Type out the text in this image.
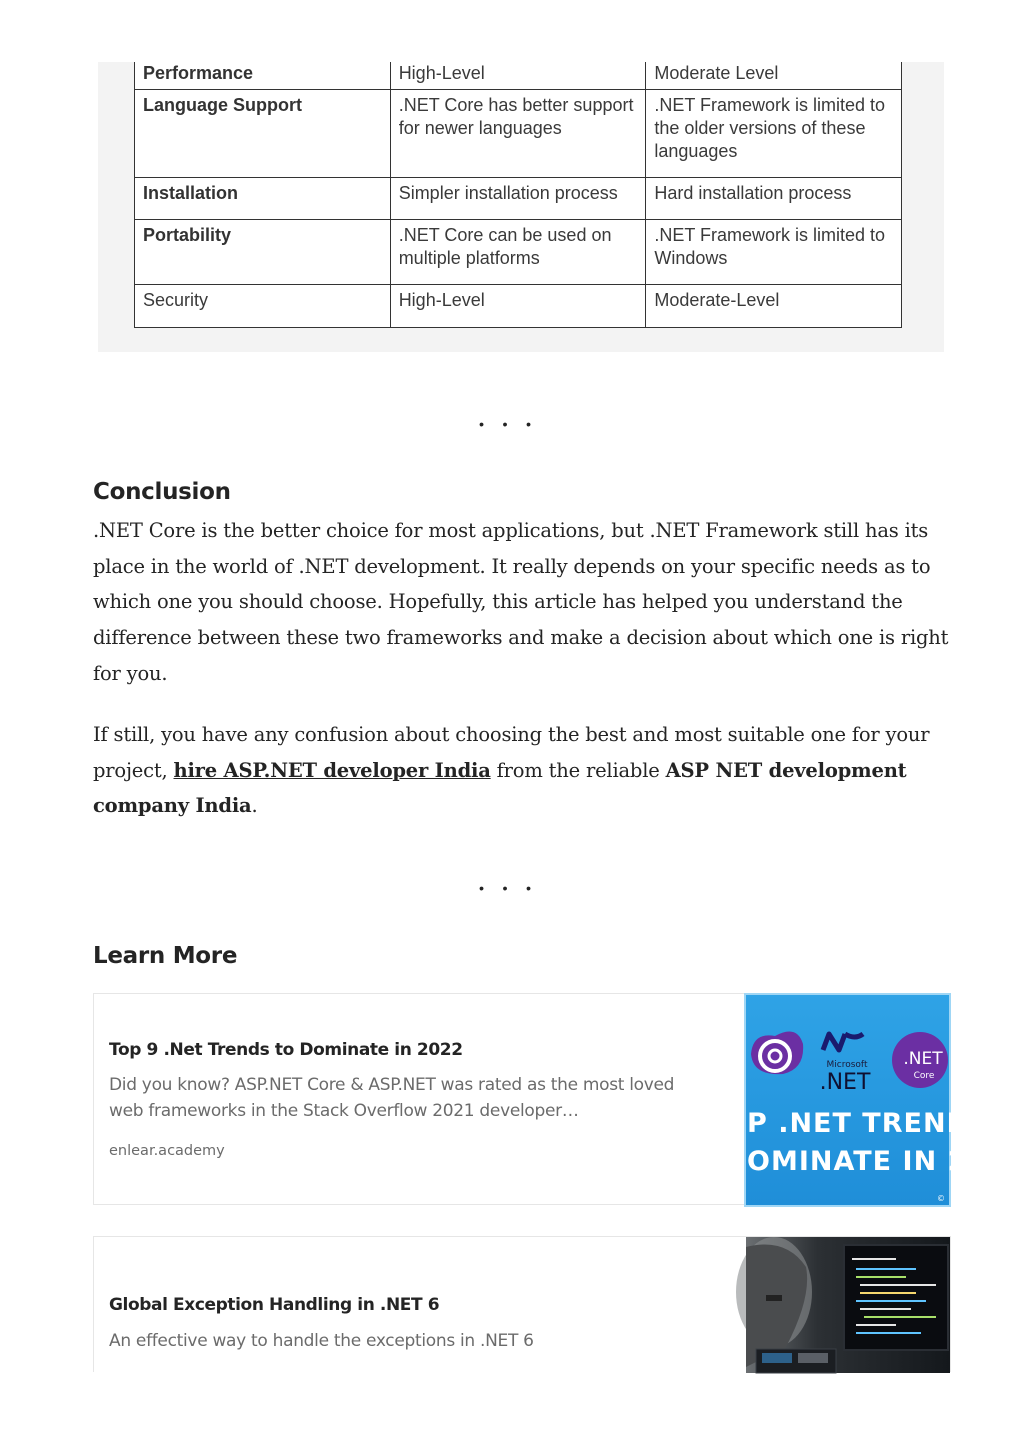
Performance	High-Level	Moderate Level
Language Support	.NET Core has better support for newer languages	.NET Framework is limited to the older versions of these languages
Installation	Simpler installation process	Hard installation process
Portability	.NET Core can be used on multiple platforms	.NET Framework is limited to Windows
Security	High-Level	Moderate-Level
...
Conclusion

.NET Core is the better choice for most applications, but .NET Framework still has its place in the world of .NET development. It really depends on your specific needs as to which one you should choose. Hopefully, this article has helped you understand the difference between these two frameworks and make a decision about which one is right for you.

If still, you have any confusion about choosing the best and most suitable one for your project, hire ASP.NET developer India from the reliable ASP NET development company India.

...
Learn More
Top 9 .Net Trends to Dominate in 2022
Did you know? ASP.NET Core & ASP.NET was rated as the most loved web frameworks in the Stack Overflow 2021 developer…
enlear.academy
Microsoft
.NET
.NET
Core
P .NET TRENDS
OMINATE IN 202
©
Global Exception Handling in .NET 6
An effective way to handle the exceptions in .NET 6
